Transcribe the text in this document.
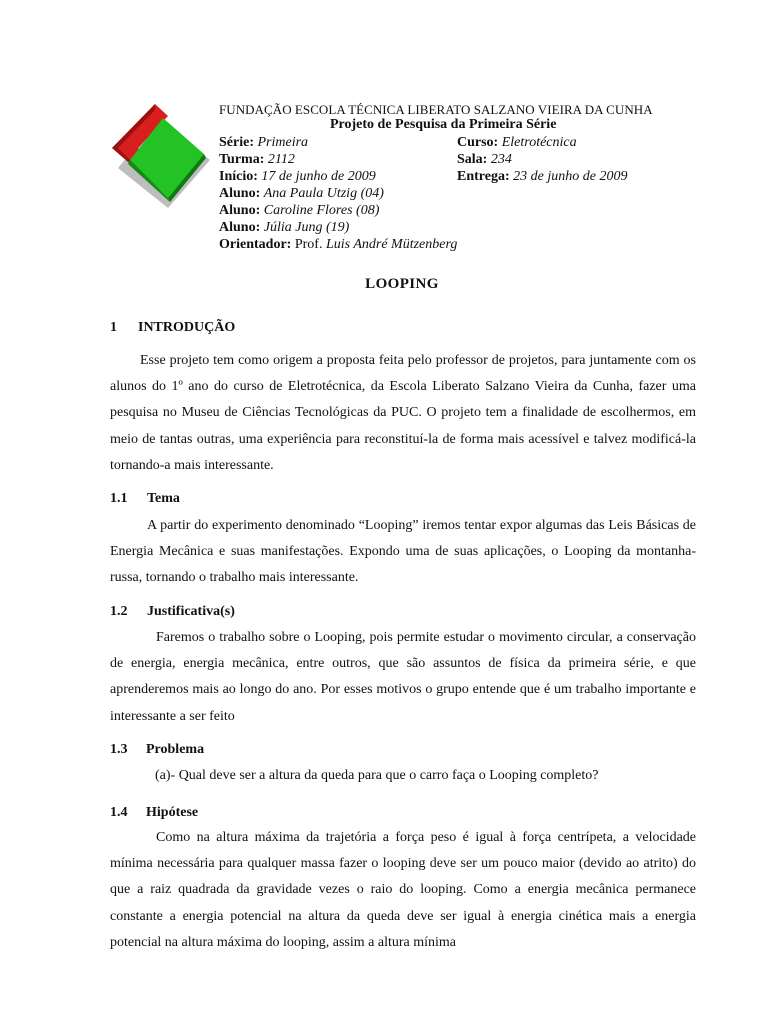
FUNDAÇÃO ESCOLA TÉCNICA LIBERATO SALZANO VIEIRA DA CUNHA
Projeto de Pesquisa da Primeira Série
Série: Primeira	Curso: Eletrotécnica
Turma: 2112	Sala: 234
Início: 17 de junho de 2009	Entrega: 23 de junho de 2009
Aluno: Ana Paula Utzig (04)
Aluno: Caroline Flores (08)
Aluno: Júlia Jung (19)
Orientador: Prof. Luis André Mützenberg
LOOPING
1 INTRODUÇÃO

Esse projeto tem como origem a proposta feita pelo professor de projetos, para juntamente com os alunos do 1º ano do curso de Eletrotécnica, da Escola Liberato Salzano Vieira da Cunha, fazer uma pesquisa no Museu de Ciências Tecnológicas da PUC. O projeto tem a finalidade de escolhermos, em meio de tantas outras, uma experiência para reconstituí-la de forma mais acessível e talvez modificá-la tornando-a mais interessante.

1.1 Tema

A partir do experimento denominado “Looping” iremos tentar expor algumas das Leis Básicas de Energia Mecânica e suas manifestações. Expondo uma de suas aplicações, o Looping da montanha-russa, tornando o trabalho mais interessante.

1.2 Justificativa(s)

Faremos o trabalho sobre o Looping, pois permite estudar o movimento circular, a conservação de energia, energia mecânica, entre outros, que são assuntos de física da primeira série, e que aprenderemos mais ao longo do ano. Por esses motivos o grupo entende que é um trabalho importante e interessante a ser feito

1.3 Problema

(a)- Qual deve ser a altura da queda para que o carro faça o Looping completo?

1.4 Hipótese

Como na altura máxima da trajetória a força peso é igual à força centrípeta, a velocidade mínima necessária para qualquer massa fazer o looping deve ser um pouco maior (devido ao atrito) do que a raiz quadrada da gravidade vezes o raio do looping. Como a energia mecânica permanece constante a energia potencial na altura da queda deve ser igual à energia cinética mais a energia potencial na altura máxima do looping, assim a altura mínima
